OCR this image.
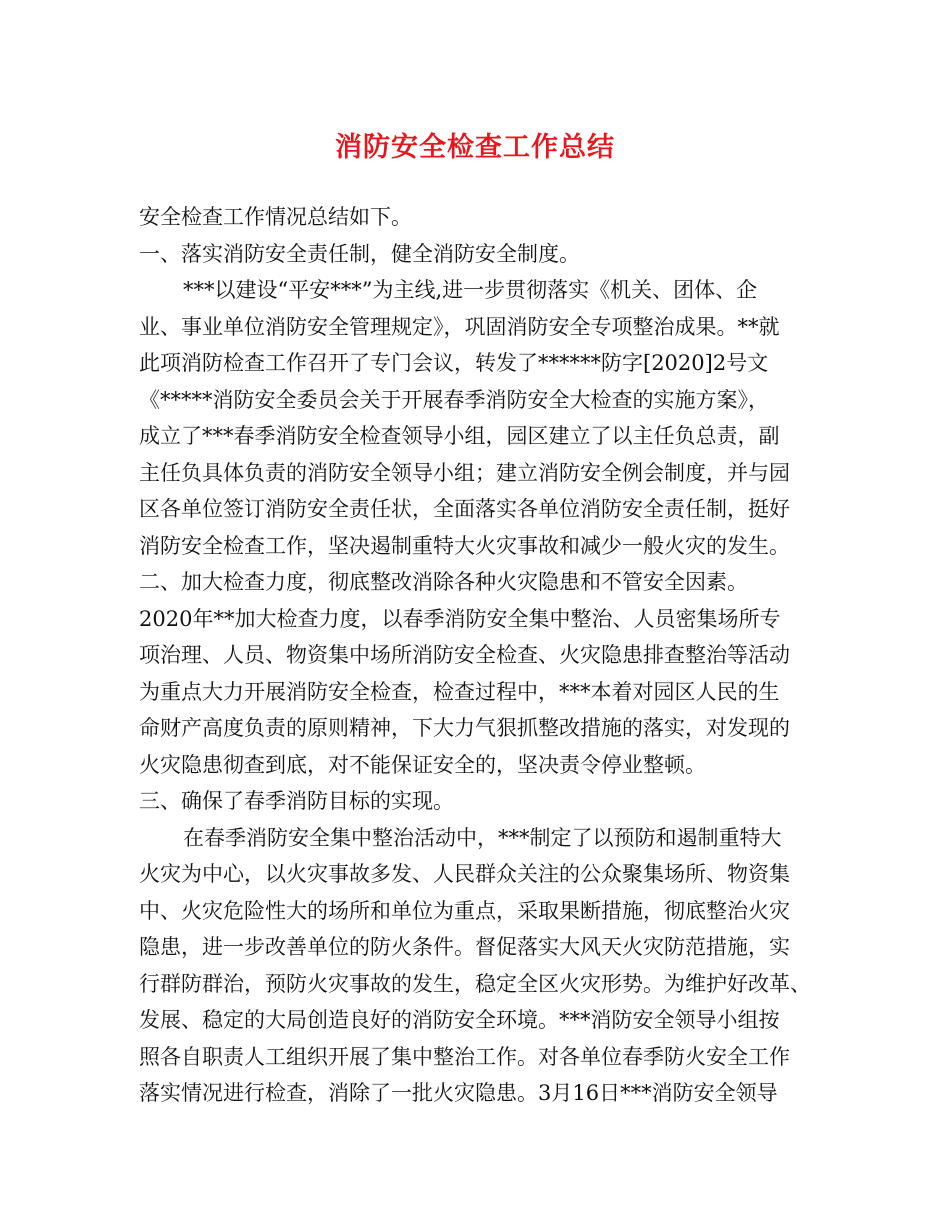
消防安全检查工作总结
安全检查工作情况总结如下。
一、落实消防安全责任制，健全消防安全制度。
***以建设“平安***”为主线,进一步贯彻落实《机关、团体、企
业、事业单位消防安全管理规定》，巩固消防安全专项整治成果。**就
此项消防检查工作召开了专门会议，转发了******防字[2020]2号文
《*****消防安全委员会关于开展春季消防安全大检查的实施方案》，
成立了***春季消防安全检查领导小组，园区建立了以主任负总责，副
主任负具体负责的消防安全领导小组；建立消防安全例会制度，并与园
区各单位签订消防安全责任状，全面落实各单位消防安全责任制，挺好
消防安全检查工作，坚决遏制重特大火灾事故和减少一般火灾的发生。
二、加大检查力度，彻底整改消除各种火灾隐患和不管安全因素。
2020年**加大检查力度，以春季消防安全集中整治、人员密集场所专
项治理、人员、物资集中场所消防安全检查、火灾隐患排查整治等活动
为重点大力开展消防安全检查，检查过程中，***本着对园区人民的生
命财产高度负责的原则精神，下大力气狠抓整改措施的落实，对发现的
火灾隐患彻查到底，对不能保证安全的，坚决责令停业整顿。
三、确保了春季消防目标的实现。
在春季消防安全集中整治活动中，***制定了以预防和遏制重特大
火灾为中心，以火灾事故多发、人民群众关注的公众聚集场所、物资集
中、火灾危险性大的场所和单位为重点，采取果断措施，彻底整治火灾
隐患，进一步改善单位的防火条件。督促落实大风天火灾防范措施，实
行群防群治，预防火灾事故的发生，稳定全区火灾形势。为维护好改革、
发展、稳定的大局创造良好的消防安全环境。***消防安全领导小组按
照各自职责人工组织开展了集中整治工作。对各单位春季防火安全工作
落实情况进行检查，消除了一批火灾隐患。3月16日***消防安全领导
